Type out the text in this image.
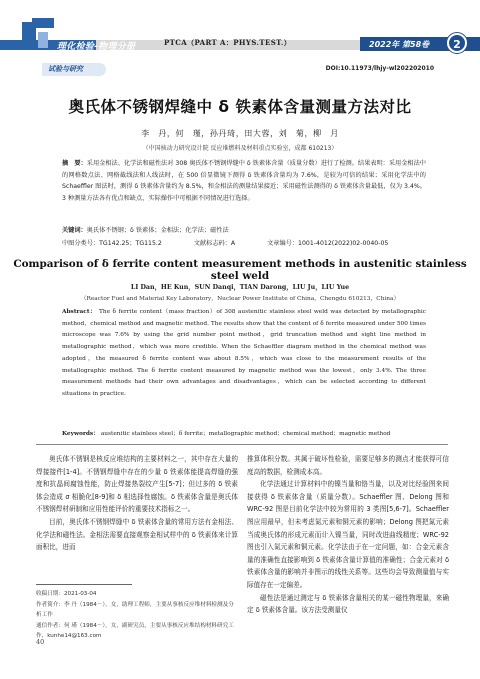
理化检验-物理分册	PTCA（PART A：PHYS.TEST.）	2022年 第58卷	2
试验与研究	DOI:10.11973/lhjy-wl202202010
奥氏体不锈钢焊缝中 δ 铁素体含量测量方法对比
李　丹，何　瑾，孙丹琦，田大蓉，刘　菊，柳　月
（中国核动力研究设计院 反应堆燃料及材料重点实验室，成都 610213）
摘　要：采用金相法、化学法和磁性法对 308 奥氏体不锈钢焊缝中 δ 铁素体含量（质量分数）进行了检测。结果表明：采用金相法中的网格数点法、网格截线法和人线法时，在 500 倍显微镜下测得 δ 铁素体含量均为 7.6%，是较为可信的结果；采用化学法中的 Schaeffler 图法时，测得 δ 铁素体含量约为 8.5%，和金相法的测量结果接近；采用磁性法测得的 δ 铁素体含量最低，仅为 3.4%。3 种测量方法各有优点和缺点，实际操作中可根据不同情况进行选择。
关键词：奥氏体不锈钢；δ 铁素体；金相法；化学法；磁性法
中图分类号：TG142.25；TG115.2	文献标志码：A	文章编号：1001-4012(2022)02-0040-05
Comparison of δ ferrite content measurement methods in austenitic stainless steel weld
LI Dan，HE Kun，SUN Danqi，TIAN Darong，LIU Ju，LIU Yue
（Reactor Fuel and Material Key Laboratory，Nuclear Power Institute of China，Chengdu 610213，China）
Abstract： The δ ferrite content（mass fraction）of 308 austenitic stainless steel weld was detected by metallographic method，chemical method and magnetic method. The results show that the content of δ ferrite measured under 500 times microscope was 7.6% by using the grid number point method，grid truncation method and sight line method in metallographic method，which was more credible. When the Schaeffler diagram method in the chemical method was adopted，the measured δ ferrite content was about 8.5%，which was close to the measurement results of the metallographic method. The δ ferrite content measured by magnetic method was the lowest，only 3.4%. The three measurement methods had their own advantages and disadvantages，which can be selected according to different situations in practice.
Keywords： austenitic stainless steel；δ ferrite；metallographic method；chemical method；magnetic method

奥氏体不锈钢是核反应堆结构的主要材料之一，其中存在大量的焊接接件[1-4]。不锈钢焊缝中存在的少量 δ 铁素体能提高焊缝的强度和抗晶间腐蚀性能，防止焊接热裂纹产生[5-7]；但过多的 δ 铁素体会造成 σ 相脆化[8-9]和 δ 相选择性腐蚀。δ 铁素体含量是奥氏体不锈钢焊材研制和应用性能评价的重要技术指标之一。

目前，奥氏体不锈钢焊缝中 δ 铁素体含量的常用方法有金相法、化学法和磁性法。金相法需要直接观察金相试样中的 δ 铁素体来计算面积比，进而

推算体积分数。其属于破坏性检验，需要足够多的测点才能获得可信度高的数据，检测成本高。

化学法通过计算材料中的镍当量和铬当量，以及对比经验图来间接获得 δ 铁素体含量（质量分数）。Schaeffler 图、Delong 图和 WRC-92 图是目前化学法中较为常用的 3 类图[5,6-7]。Schaeffler 图应用最早，但未考虑氮元素和铜元素的影响；Delong 图把氮元素当成奥氏体的形成元素而计入镍当量，同时改进曲线精度；WRC-92 图也引入氮元素和铜元素。化学法由于在一定问题，如：合金元素含量的准确性直接影响到 δ 铁素体含量计算值的准确性；合金元素对 δ 铁素体含量的影响并非图示的线性关系等。这些均会导致测量值与实际值存在一定偏差。

磁性法是通过测定与 δ 铁素体含量相关的某一磁性物理量，来确定 δ 铁素体含量。该方法受测量仪

收稿日期：2021-03-04
作者简介：李 丹（1984－），女，助理工程师，主要从事核反应堆材料检测及分析工作
通信作者：何 瑾（1984－），女，副研究员，主要从事核反应堆结构材料研究工作，kunhe14@163.com
40
